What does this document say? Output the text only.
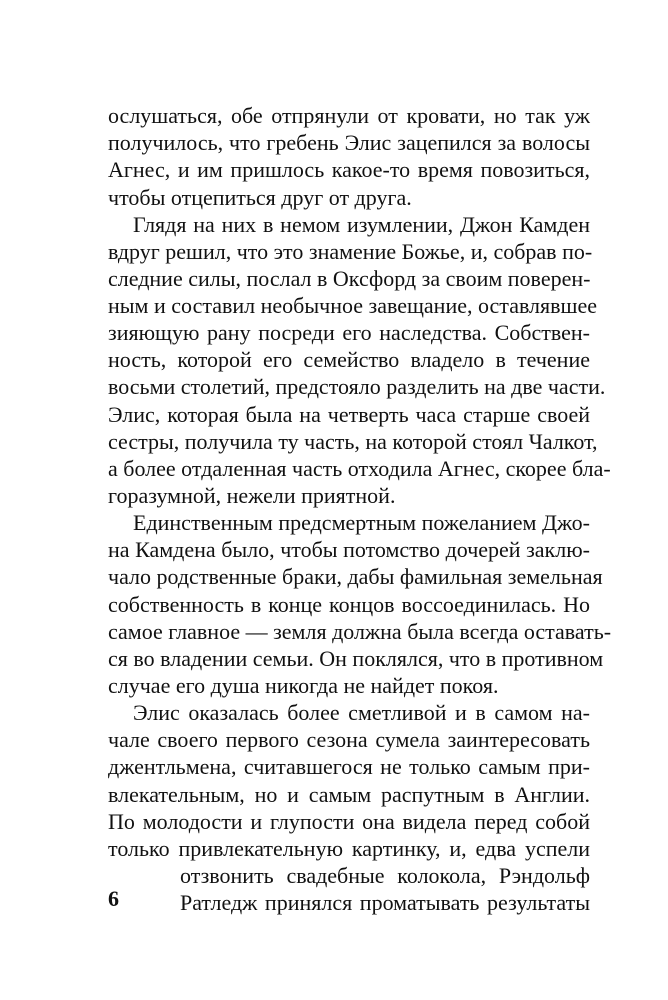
ослушаться, обе отпрянули от кровати, но так уж
получилось, что гребень Элис зацепился за волосы
Агнес, и им пришлось какое-то время повозиться,
чтобы отцепиться друг от друга.
Глядя на них в немом изумлении, Джон Камден
вдруг решил, что это знамение Божье, и, собрав по-
следние силы, послал в Оксфорд за своим поверен-
ным и составил необычное завещание, оставлявшее
зияющую рану посреди его наследства. Собствен-
ность, которой его семейство владело в течение
восьми столетий, предстояло разделить на две части.
Элис, которая была на четверть часа старше своей
сестры, получила ту часть, на которой стоял Чалкот,
а более отдаленная часть отходила Агнес, скорее бла-
горазумной, нежели приятной.
Единственным предсмертным пожеланием Джо-
на Камдена было, чтобы потомство дочерей заклю-
чало родственные браки, дабы фамильная земельная
собственность в конце концов воссоединилась. Но
самое главное — земля должна была всегда оставать-
ся во владении семьи. Он поклялся, что в противном
случае его душа никогда не найдет покоя.
Элис оказалась более сметливой и в самом на-
чале своего первого сезона сумела заинтересовать
джентльмена, считавшегося не только самым при-
влекательным, но и самым распутным в Англии.
По молодости и глупости она видела перед собой
только привлекательную картинку, и, едва успели
отзвонить свадебные колокола, Рэндольф
Ратледж принялся проматывать результаты
6
